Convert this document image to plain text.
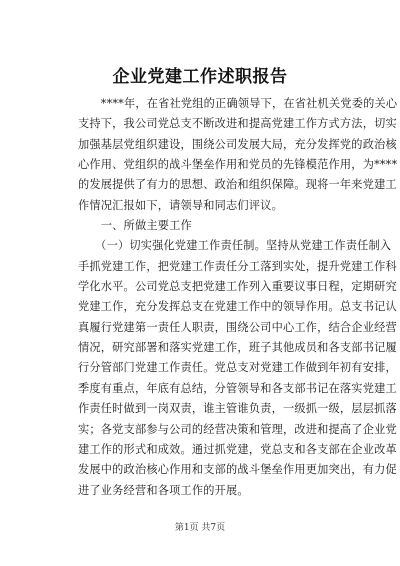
企业党建工作述职报告
　　****年，在省社党组的正确领导下，在省社机关党委的关心
支持下，我公司党总支不断改进和提高党建工作方式方法，切实
加强基层党组织建设，围绕公司发展大局，充分发挥党的政治核
心作用、党组织的战斗堡垒作用和党员的先锋模范作用，为****
的发展提供了有力的思想、政治和组织保障。现将一年来党建工
作情况汇报如下，请领导和同志们评议。
　　一、所做主要工作
　　（一）切实强化党建工作责任制。坚持从党建工作责任制入
手抓党建工作，把党建工作责任分工落到实处，提升党建工作科
学化水平。公司党总支把党建工作列入重要议事日程，定期研究
党建工作，充分发挥总支在党建工作中的领导作用。总支书记认
真履行党建第一责任人职责，围绕公司中心工作，结合企业经营
情况，研究部署和落实党建工作，班子其他成员和各支部书记履
行分管部门党建工作责任。党总支对党建工作做到年初有安排，
季度有重点，年底有总结，分管领导和各支部书记在落实党建工
作责任时做到一岗双责，谁主管谁负责，一级抓一级，层层抓落
实；各党支部参与公司的经营决策和管理，改进和提高了企业党
建工作的形式和成效。通过抓党建，党总支和各支部在企业改革
发展中的政治核心作用和支部的战斗堡垒作用更加突出，有力促
进了业务经营和各项工作的开展。
第1页 共7页
